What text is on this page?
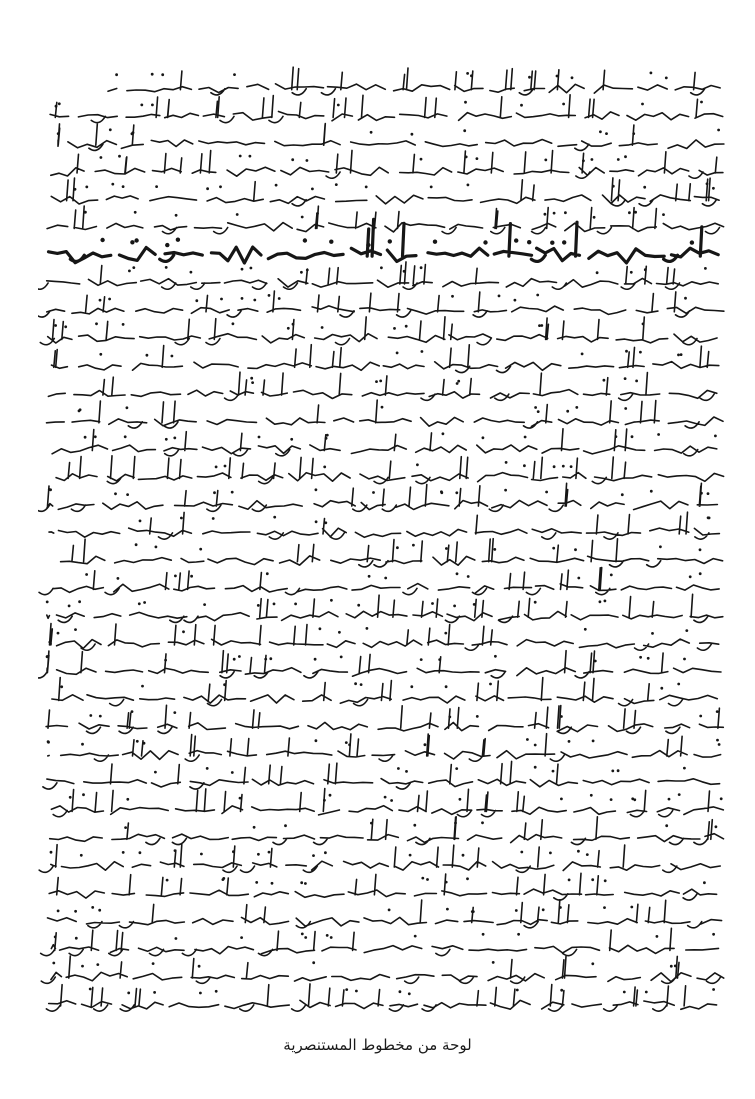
لوحة من مخطوط المستنصرية
